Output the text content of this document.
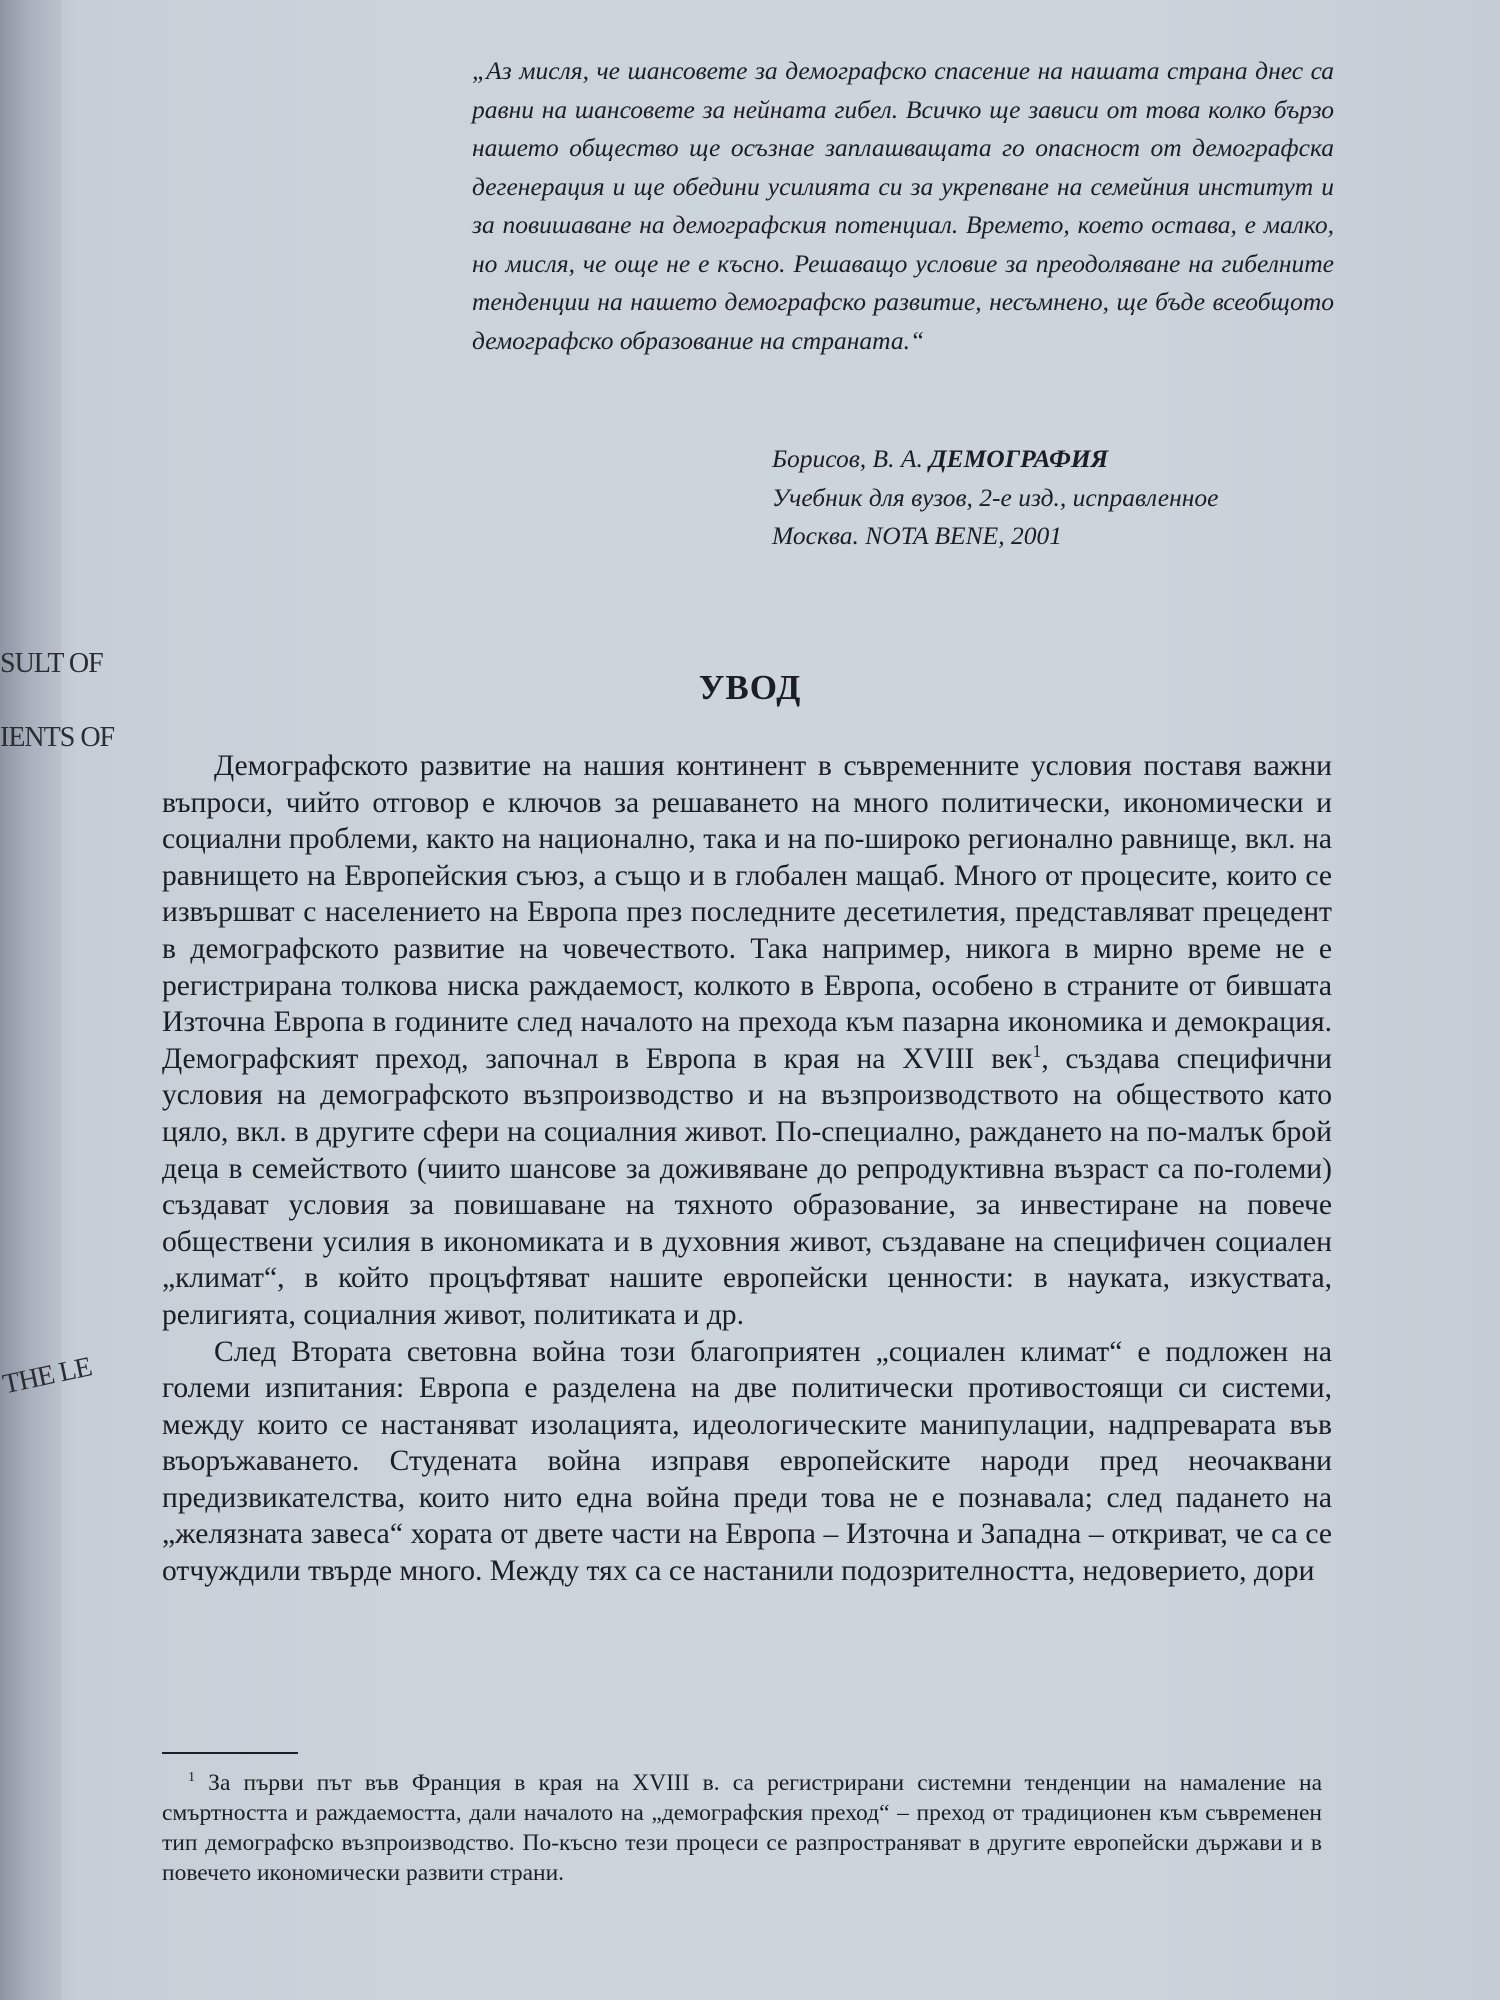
SULT OF
IENTS OF
THE LE
„Аз мисля, че шансовете за демографско спасение на нашата страна днес са равни на шансовете за нейната гибел. Всичко ще зависи от това колко бързо нашето общество ще осъзнае заплашващата го опасност от демографска дегенерация и ще обедини усилията си за укрепване на семейния институт и за повишаване на демографския потенциал. Времето, което остава, е малко, но мисля, че още не е късно. Решаващо условие за преодоляване на гибелните тенденции на нашето демографско развитие, несъмнено, ще бъде всеобщото демографско образование на страната.“
Борисов, В. А. ДЕМОГРАФИЯ
Учебник для вузов, 2-е изд., исправленное
Москва. NOTA BENE, 2001
УВОД

Демографското развитие на нашия континент в съвременните условия поставя важни въпроси, чийто отговор е ключов за решаването на много политически, икономически и социални проблеми, както на национално, така и на по-широко регионално равнище, вкл. на равнището на Европейския съюз, а също и в глобален мащаб. Много от процесите, които се извършват с населението на Европа през последните десетилетия, представляват прецедент в демографското развитие на човечеството. Така например, никога в мирно време не е регистрирана толкова ниска раждаемост, колкото в Европа, особено в страните от бившата Източна Европа в годините след началото на прехода към пазарна икономика и демокрация. Демографският преход, започнал в Европа в края на XVIII век$^1$, създава специфични условия на демографското възпроизводство и на възпроизводството на обществото като цяло, вкл. в другите сфери на социалния живот. По-специално, раждането на по-малък брой деца в семейството (чиито шансове за доживяване до репродуктивна възраст са по-големи) създават условия за повишаване на тяхното образование, за инвестиране на повече обществени усилия в икономиката и в духовния живот, създаване на специфичен социален „климат“, в който процъфтяват нашите европейски ценности: в науката, изкуствата, религията, социалния живот, политиката и др.

След Втората световна война този благоприятен „социален климат“ е подложен на големи изпитания: Европа е разделена на две политически противостоящи си системи, между които се настаняват изолацията, идеологическите манипулации, надпреварата във въоръжаването. Студената война изправя европейските народи пред неочаквани предизвикателства, които нито една война преди това не е познавала; след падането на „желязната завеса“ хората от двете части на Европа – Източна и Западна – откриват, че са се отчуждили твърде много. Между тях са се настанили подозрителността, недоверието, дори

$^1$ За първи път във Франция в края на XVIII в. са регистрирани системни тенденции на намаление на смъртността и раждаемостта, дали началото на „демографския преход“ – преход от традиционен към съвременен тип демографско възпроизводство. По-късно тези процеси се разпространяват в другите европейски държави и в повечето икономически развити страни.
